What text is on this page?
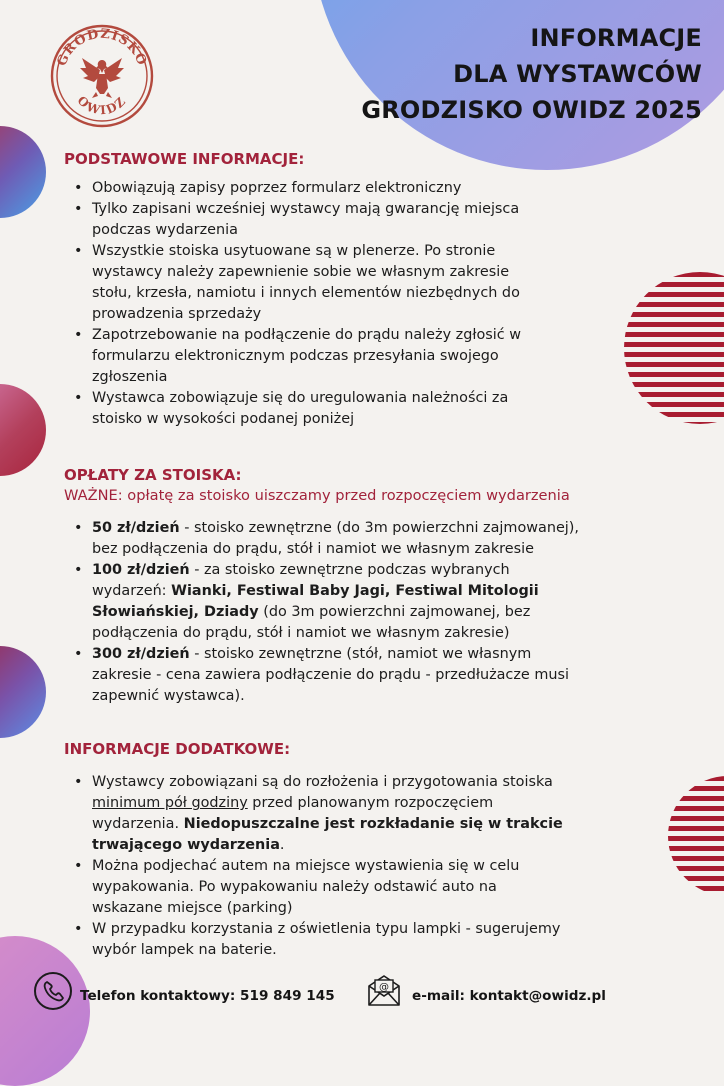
GRODZISKO
OWIDZ
INFORMACJE
DLA WYSTAWCÓW
GRODZISKO OWIDZ 2025
PODSTAWOWE INFORMACJE:
• Obowiązują zapisy poprzez formularz elektroniczny
• Tylko zapisani wcześniej wystawcy mają gwarancję miejsca
podczas wydarzenia
• Wszystkie stoiska usytuowane są w plenerze. Po stronie
wystawcy należy zapewnienie sobie we własnym zakresie
stołu, krzesła, namiotu i innych elementów niezbędnych do
prowadzenia sprzedaży
• Zapotrzebowanie na podłączenie do prądu należy zgłosić w
formularzu elektronicznym podczas przesyłania swojego
zgłoszenia
• Wystawca zobowiązuje się do uregulowania należności za
stoisko w wysokości podanej poniżej
OPŁATY ZA STOISKA:
WAŻNE: opłatę za stoisko uiszczamy przed rozpoczęciem wydarzenia
• 50 zł/dzień - stoisko zewnętrzne (do 3m powierzchni zajmowanej),
bez podłączenia do prądu, stół i namiot we własnym zakresie
• 100 zł/dzień - za stoisko zewnętrzne podczas wybranych
wydarzeń: Wianki, Festiwal Baby Jagi, Festiwal Mitologii
Słowiańskiej, Dziady (do 3m powierzchni zajmowanej, bez
podłączenia do prądu, stół i namiot we własnym zakresie)
• 300 zł/dzień - stoisko zewnętrzne (stół, namiot we własnym
zakresie - cena zawiera podłączenie do prądu - przedłużacze musi
zapewnić wystawca).
INFORMACJE DODATKOWE:
• Wystawcy zobowiązani są do rozłożenia i przygotowania stoiska
minimum pół godziny przed planowanym rozpoczęciem
wydarzenia. Niedopuszczalne jest rozkładanie się w trakcie
trwającego wydarzenia.
• Można podjechać autem na miejsce wystawienia się w celu
wypakowania. Po wypakowaniu należy odstawić auto na
wskazane miejsce (parking)
• W przypadku korzystania z oświetlenia typu lampki - sugerujemy
wybór lampek na baterie.
Telefon kontaktowy: 519 849 145
@
e-mail: kontakt@owidz.pl
